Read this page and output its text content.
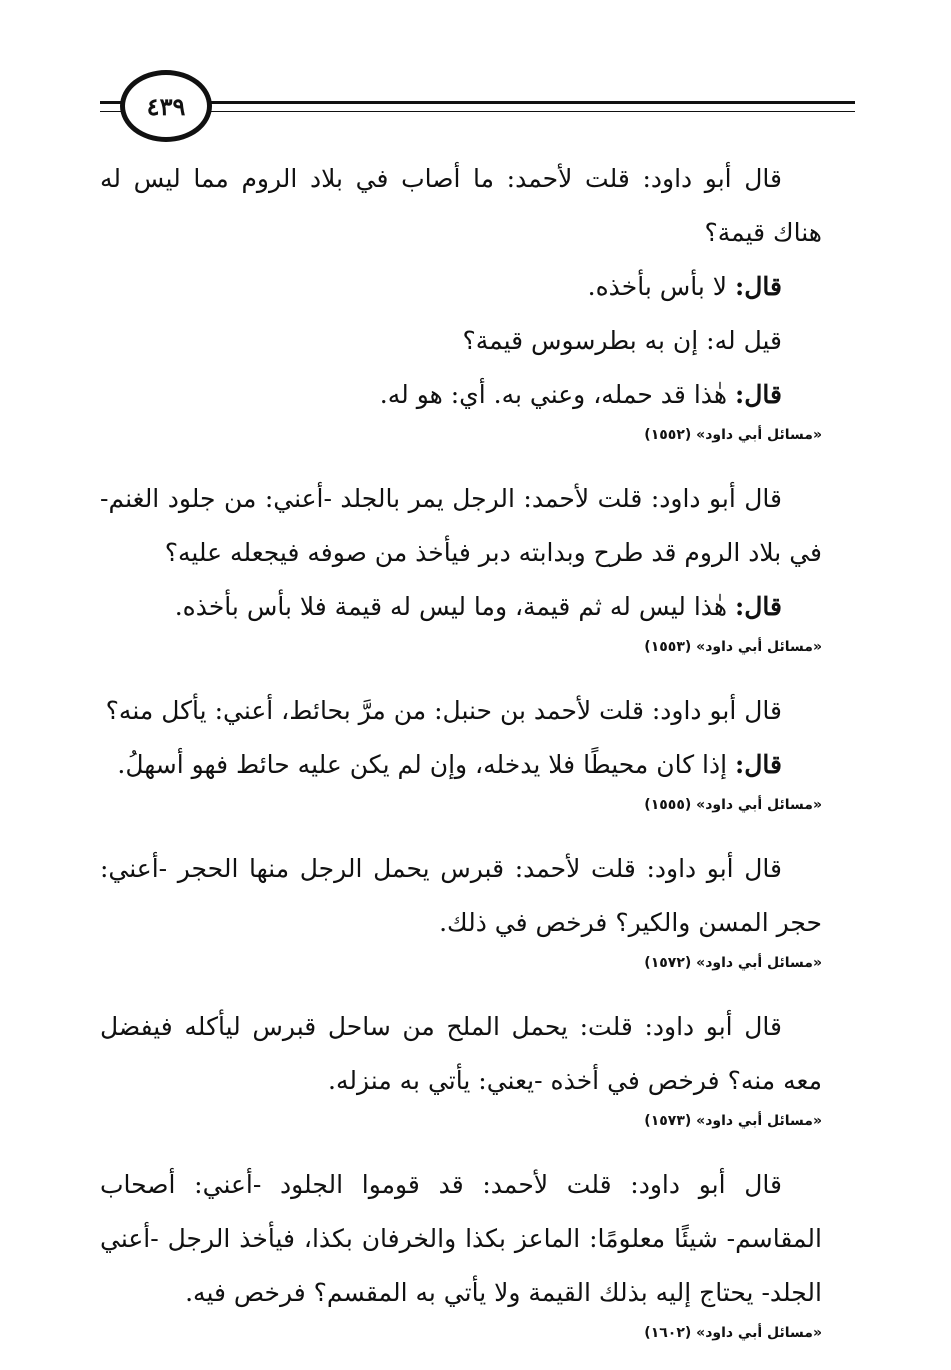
٤٣٩

قال أبو داود: قلت لأحمد: ما أصاب في بلاد الروم مما ليس له هناك قيمة؟

قال: لا بأس بأخذه.

قيل له: إن به بطرسوس قيمة؟

قال: هٰذا قد حمله، وعني به. أي: هو له.

«مسائل أبي داود» (١٥٥٢)

قال أبو داود: قلت لأحمد: الرجل يمر بالجلد -أعني: من جلود الغنم- في بلاد الروم قد طرح وبدابته دبر فيأخذ من صوفه فيجعله عليه؟

قال: هٰذا ليس له ثم قيمة، وما ليس له قيمة فلا بأس بأخذه.

«مسائل أبي داود» (١٥٥٣)

قال أبو داود: قلت لأحمد بن حنبل: من مرَّ بحائط، أعني: يأكل منه؟

قال: إذا كان محيطًا فلا يدخله، وإن لم يكن عليه حائط فهو أسهلُ.

«مسائل أبي داود» (١٥٥٥)

قال أبو داود: قلت لأحمد: قبرس يحمل الرجل منها الحجر -أعني: حجر المسن والكير؟ فرخص في ذلك.

«مسائل أبي داود» (١٥٧٢)

قال أبو داود: قلت: يحمل الملح من ساحل قبرس ليأكله فيفضل معه منه؟ فرخص في أخذه -يعني: يأتي به منزله.

«مسائل أبي داود» (١٥٧٣)

قال أبو داود: قلت لأحمد: قد قوموا الجلود -أعني: أصحاب المقاسم- شيئًا معلومًا: الماعز بكذا والخرفان بكذا، فيأخذ الرجل -أعني الجلد- يحتاج إليه بذلك القيمة ولا يأتي به المقسم؟ فرخص فيه.

«مسائل أبي داود» (١٦٠٢)
